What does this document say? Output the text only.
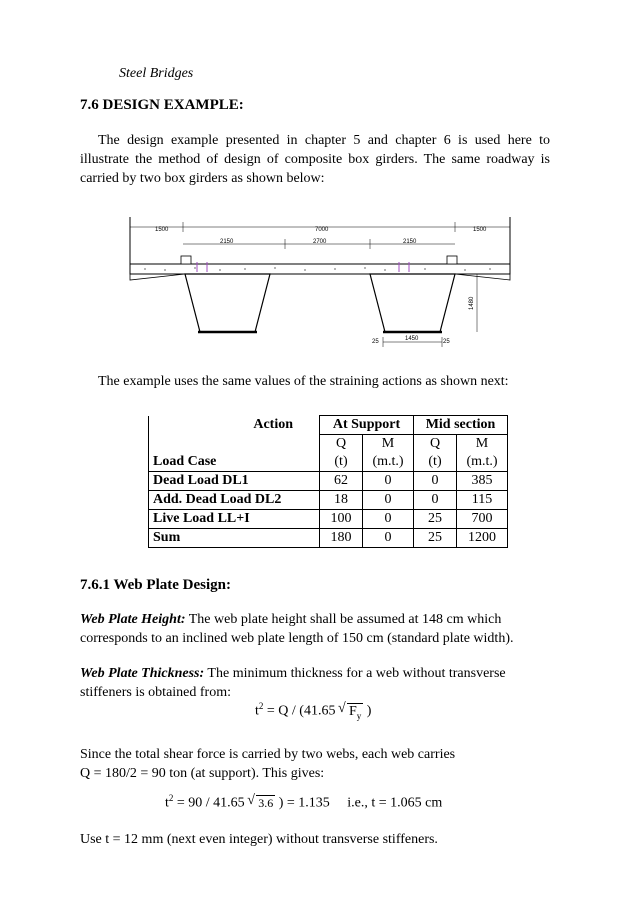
Steel Bridges
7.6 DESIGN EXAMPLE:
The design example presented in chapter 5 and chapter 6 is used here to illustrate the method of design of composite box girders. The same roadway is carried by two box girders as shown below:
1500	7000	1500
2150	2700	2150
1480
25	1450	25
The example uses the same values of the straining actions as shown next:
Action	At Support		Mid section	
	Q	M	Q	M
Load Case	(t)	(m.t.)	(t)	(m.t.)
Dead Load DL1	62	0	0	385
Add. Dead Load DL2	18	0	0	115
Live Load LL+I	100	0	25	700
Sum	180	0	25	1200
7.6.1 Web Plate Design:
Web Plate Height: The web plate height shall be assumed at 148 cm which
corresponds to an inclined web plate length of 150 cm (standard plate width).
Web Plate Thickness: The minimum thickness for a web without transverse
stiffeners is obtained from:
$t^2 = Q / (41.65$ √ $F_y$ )
Since the total shear force is carried by two webs, each web carries
Q = 180/2 = 90 ton (at support). This gives:
$t^2 = 90 / 41.65$ √ 3.6 ) = 1.135     i.e., t = 1.065 cm
Use t = 12 mm (next even integer) without transverse stiffeners.
